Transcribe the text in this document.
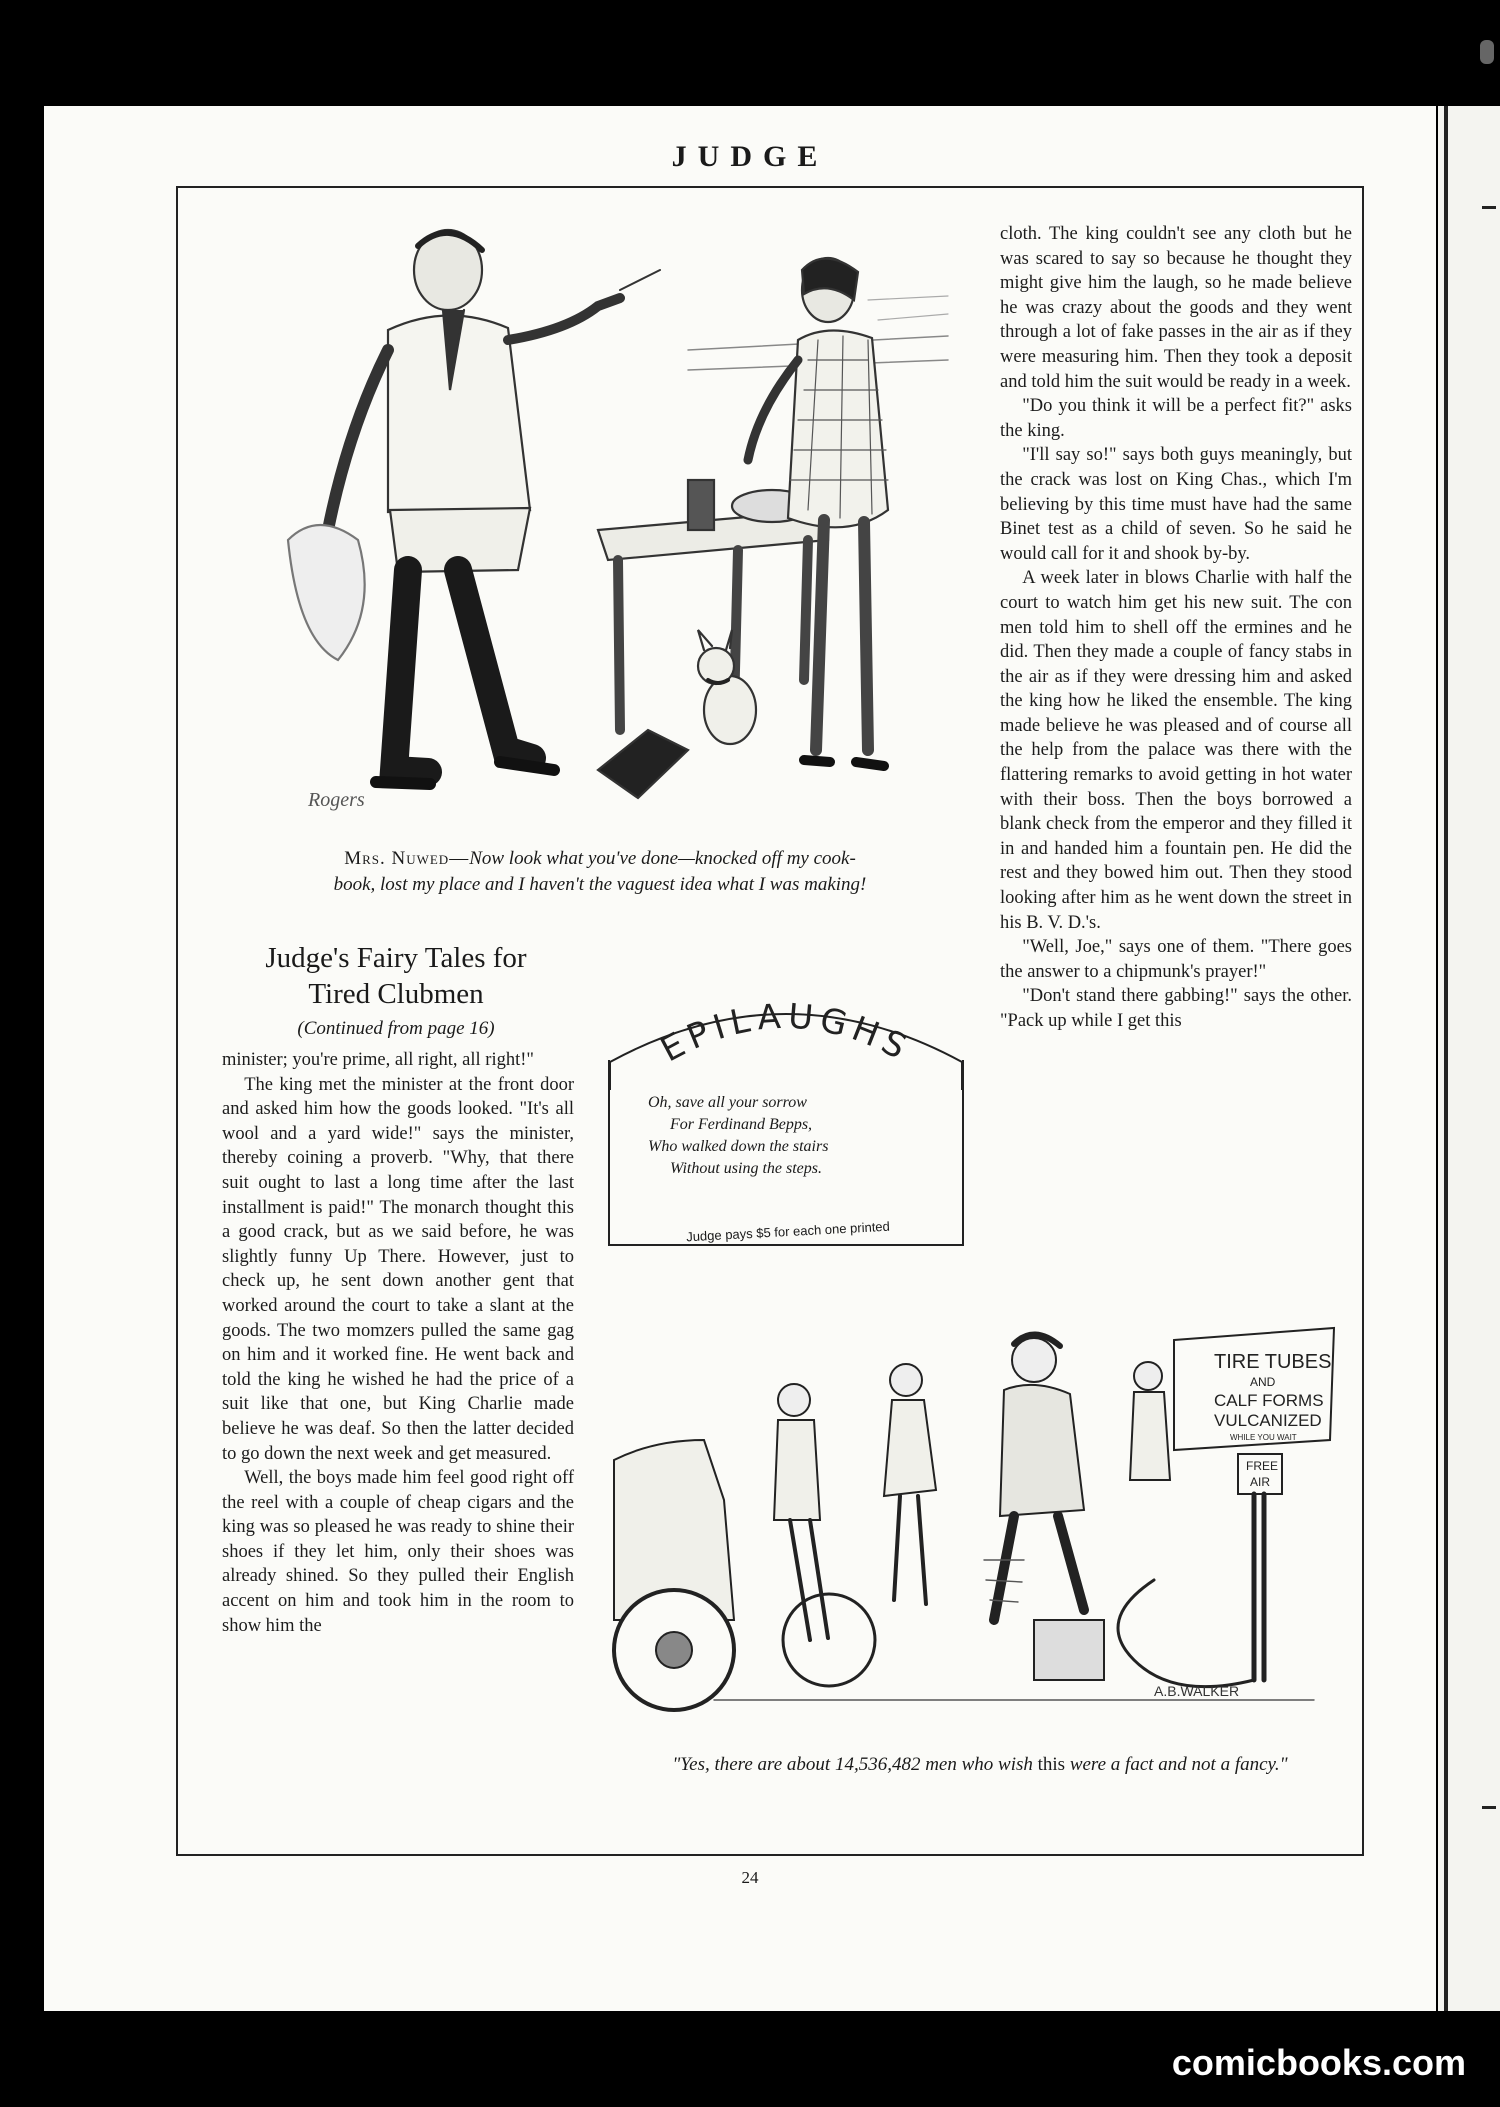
JUDGE
Rogers
Mrs. Nuwed—Now look what you've done—knocked off my cook-
book, lost my place and I haven't the vaguest idea what I was making!
Judge's Fairy Tales for
Tired Clubmen
(Continued from page 16)

minister; you're prime, all right, all right!"

The king met the minister at the front door and asked him how the goods looked. "It's all wool and a yard wide!" says the minister, thereby coining a proverb. "Why, that there suit ought to last a long time after the last installment is paid!" The monarch thought this a good crack, but as we said before, he was slightly funny Up There. However, just to check up, he sent down another gent that worked around the court to take a slant at the goods. The two momzers pulled the same gag on him and it worked fine. He went back and told the king he wished he had the price of a suit like that one, but King Charlie made believe he was deaf. So then the latter decided to go down the next week and get measured.

Well, the boys made him feel good right off the reel with a couple of cheap cigars and the king was so pleased he was ready to shine their shoes if they let him, only their shoes was already shined. So they pulled their English accent on him and took him in the room to show him the

cloth. The king couldn't see any cloth but he was scared to say so because he thought they might give him the laugh, so he made believe he was crazy about the goods and they went through a lot of fake passes in the air as if they were measuring him. Then they took a deposit and told him the suit would be ready in a week.

"Do you think it will be a perfect fit?" asks the king.

"I'll say so!" says both guys meaningly, but the crack was lost on King Chas., which I'm believing by this time must have had the same Binet test as a child of seven. So he said he would call for it and shook by-by.

A week later in blows Charlie with half the court to watch him get his new suit. The con men told him to shell off the ermines and he did. Then they made a couple of fancy stabs in the air as if they were dressing him and asked the king how he liked the ensemble. The king made believe he was pleased and of course all the help from the palace was there with the flattering remarks to avoid getting in hot water with their boss. Then the boys borrowed a blank check from the emperor and they filled it in and handed him a fountain pen. He did the rest and they bowed him out. Then they stood looking after him as he went down the street in his B. V. D.'s.

"Well, Joe," says one of them. "There goes the answer to a chipmunk's prayer!"

"Don't stand there gabbing!" says the other. "Pack up while I get this

EPILAUGHS
Oh, save all your sorrow
For Ferdinand Bepps,
Who walked down the stairs
Without using the steps.
Judge pays $5 for each one printed
TIRE TUBES
AND
CALF FORMS
VULCANIZED
WHILE YOU WAIT
FREE
AIR
A.B.WALKER
"Yes, there are about 14,536,482 men who wish this were a fact and not a fancy."
24
comicbooks.com
